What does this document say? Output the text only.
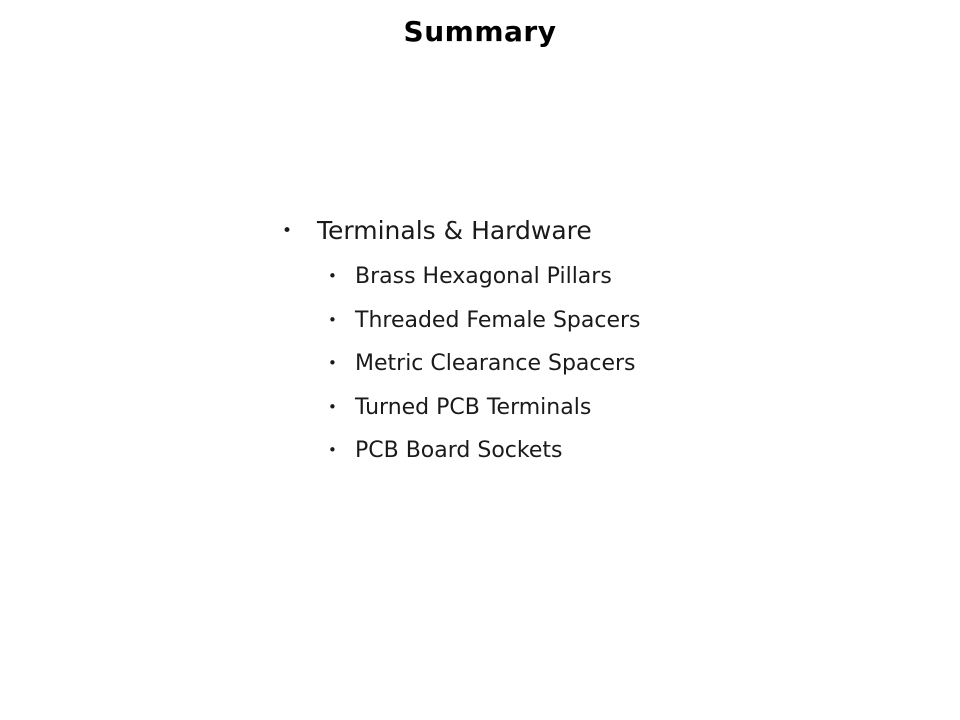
Summary
• Terminals & Hardware
• Brass Hexagonal Pillars
• Threaded Female Spacers
• Metric Clearance Spacers
• Turned PCB Terminals
• PCB Board Sockets
